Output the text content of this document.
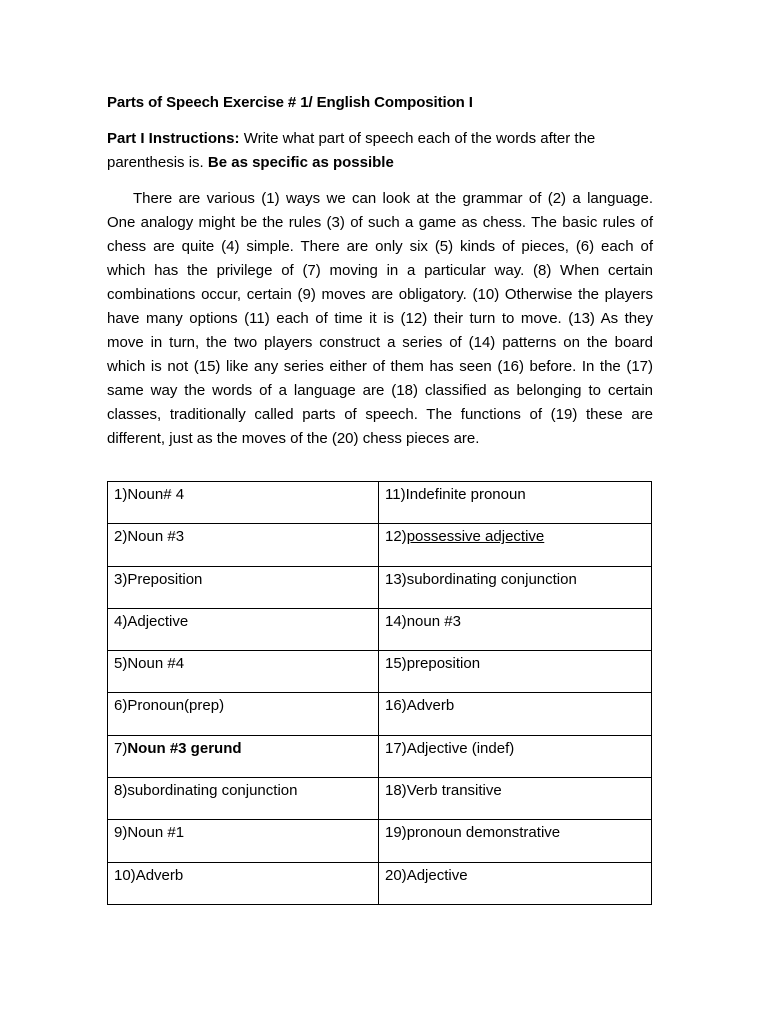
Parts of Speech Exercise # 1/ English Composition I

Part I Instructions: Write what part of speech each of the words after the parenthesis is. Be as specific as possible

There are various (1) ways we can look at the grammar of (2) a language. One analogy might be the rules (3) of such a game as chess. The basic rules of chess are quite (4) simple. There are only six (5) kinds of pieces, (6) each of which has the privilege of (7) moving in a particular way. (8) When certain combinations occur, certain (9) moves are obligatory. (10) Otherwise the players have many options (11) each of time it is (12) their turn to move. (13) As they move in turn, the two players construct a series of (14) patterns on the board which is not (15) like any series either of them has seen (16) before. In the (17) same way the words of a language are (18) classified as belonging to certain classes, traditionally called parts of speech. The functions of (19) these are different, just as the moves of the (20) chess pieces are.

1)Noun# 4	11)Indefinite pronoun
2)Noun #3	12)possessive adjective
3)Preposition	13)subordinating conjunction
4)Adjective	14)noun #3
5)Noun #4	15)preposition
6)Pronoun(prep)	16)Adverb
7)Noun #3 gerund	17)Adjective (indef)
8)subordinating conjunction	18)Verb transitive
9)Noun #1	19)pronoun demonstrative
10)Adverb	20)Adjective
